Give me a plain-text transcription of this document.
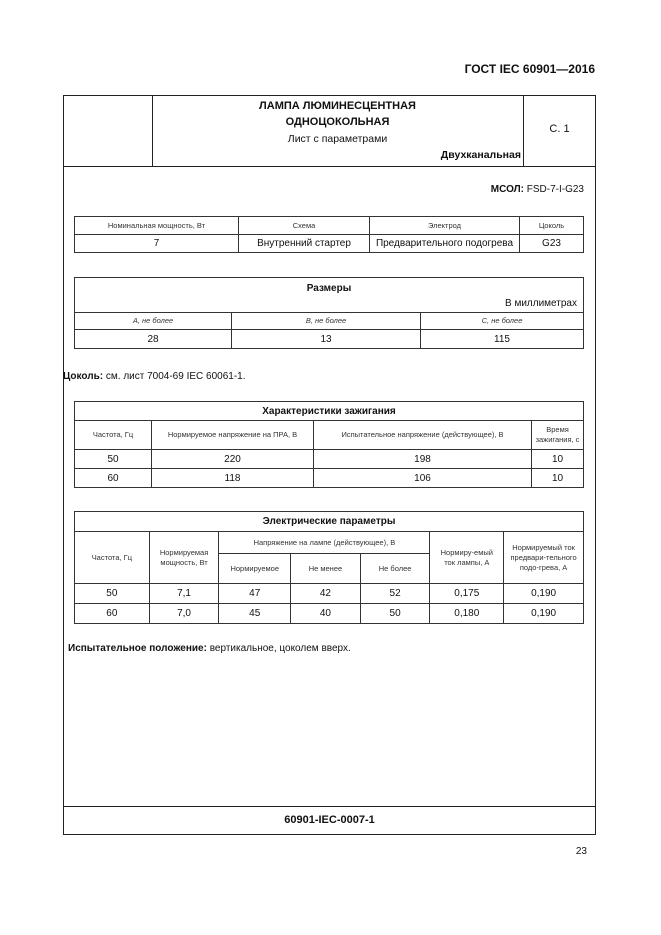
ГОСТ IEC 60901—2016
ЛАМПА ЛЮМИНЕСЦЕНТНАЯ
ОДНОЦОКОЛЬНАЯ
Лист с параметрами
Двухканальная
С. 1
МСОЛ: FSD-7-I-G23
Номинальная мощность, Вт	Схема	Электрод	Цоколь
7	Внутренний стартер	Предварительного подогрева	G23
Размеры
В миллиметрах		

A, не более	B, не более	C, не более
28	13	115
Цоколь: см. лист 7004-69 IEC 60061-1.
Характеристики зажигания			
Частота, Гц	Нормируемое напряжение на ПРА, В	Испытательное напряжение (действующее), В	Время зажигания, с
50	220	198	10
60	118	106	10
Электрические параметры						
Частота, Гц	Нормируемая мощность, Вт	Напряжение на лампе (действующее), В			Нормиру-емый ток лампы, А	Нормируемый ток предвари-тельного подо-грева, А
		Нормируемое	Не менее	Не более		
50	7,1	47	42	52	0,175	0,190
60	7,0	45	40	50	0,180	0,190
Испытательное положение: вертикальное, цоколем вверх.
60901-IEC-0007-1
23
